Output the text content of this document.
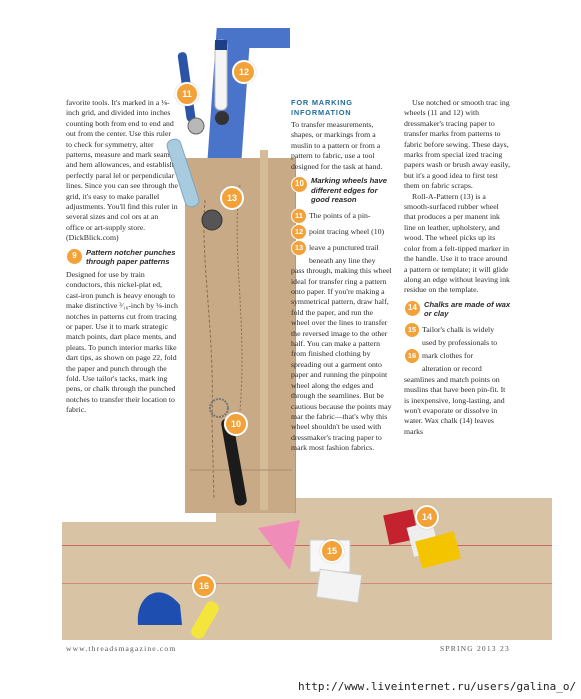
11
12
13
10
14
15
16

favorite tools. It's marked in a ⅛-inch grid, and divided into inches counting both from end to end and out from the center. Use this ruler to check for symmetry, alter patterns, measure and mark seam and hem allowances, and establish perfectly paral lel or perpendicular lines. Since you can see through the grid, it's easy to make parallel adjustments. You'll find this ruler in several sizes and col ors at an office or art-supply store. (DickBlick.com)

9	Pattern notcher punches through paper patterns

Designed for use by train conductors, this nickel-plat ed, cast-iron punch is heavy enough to make distinctive ³⁄₁₆-inch by ⅛-inch notches in patterns cut from tracing or paper. Use it to mark strategic match points, dart place ments, and pleats. To punch interior marks like dart tips, as shown on page 22, fold the paper and punch through the fold. Use tailor's tacks, mark ing pens, or chalk through the punched notches to transfer their location to fabric.

FOR MARKING INFORMATION

To transfer measurements, shapes, or markings from a muslin to a pattern or from a pattern to fabric, use a tool designed for the task at hand.

10 Marking wheels have different edges for good reason

11 The points of a pin-

12 point tracing wheel (10)

13 leave a punctured trail

beneath any line they

pass through, making this wheel ideal for transfer ring a pattern onto paper. If you're making a symmetrical pattern, draw half, fold the paper, and run the wheel over the lines to transfer the reversed image to the other half. You can make a pattern from finished clothing by spreading out a garment onto paper and running the pinpoint wheel along the edges and through the seamlines. But be cautious because the points may mar the fabric—that's why this wheel shouldn't be used with dressmaker's tracing paper to mark most fashion fabrics.

Use notched or smooth trac ing wheels (11 and 12) with dressmaker's tracing paper to transfer marks from patterns to fabric before sewing. These days, marks from special ized tracing papers wash or brush away easily, but it's a good idea to first test them on fabric scraps.

Roll-A-Pattern (13) is a smooth-surfaced rubber wheel that produces a per manent ink line on leather, upholstery, and wood. The wheel picks up its color from a felt-tipped marker in the handle. Use it to trace around a pattern or template; it will glide along an edge without leaving ink residue on the template.

14 Chalks are made of wax or clay

15 Tailor's chalk is widely

used by professionals to

16 mark clothes for

alteration or record

seamlines and match points on muslins that have been pin-fit. It is inexpensive, long-lasting, and won't evaporate or dissolve in water. Wax chalk (14) leaves marks

www.threadsmagazine.com	SPRING 2013 23
http://www.liveinternet.ru/users/galina_o/
